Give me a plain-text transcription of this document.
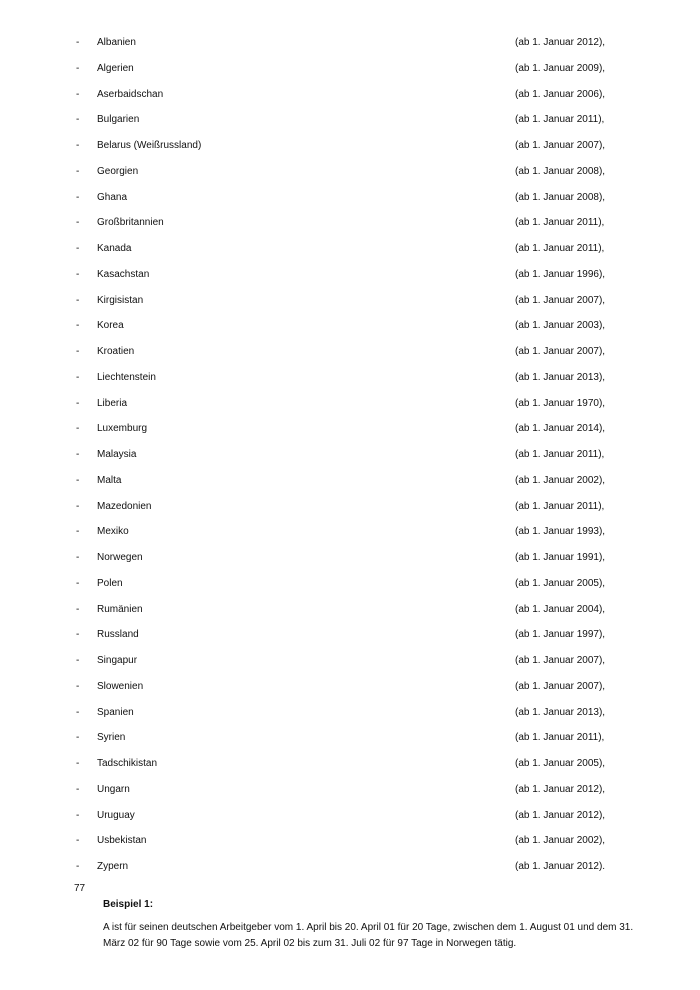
- Albanien	(ab 1. Januar 2012),
- Algerien	(ab 1. Januar 2009),
- Aserbaidschan	(ab 1. Januar 2006),
- Bulgarien	(ab 1. Januar 2011),
- Belarus (Weißrussland)	(ab 1. Januar 2007),
- Georgien	(ab 1. Januar 2008),
- Ghana	(ab 1. Januar 2008),
- Großbritannien	(ab 1. Januar 2011),
- Kanada	(ab 1. Januar 2011),
- Kasachstan	(ab 1. Januar 1996),
- Kirgisistan	(ab 1. Januar 2007),
- Korea	(ab 1. Januar 2003),
- Kroatien	(ab 1. Januar 2007),
- Liechtenstein	(ab 1. Januar 2013),
- Liberia	(ab 1. Januar 1970),
- Luxemburg	(ab 1. Januar 2014),
- Malaysia	(ab 1. Januar 2011),
- Malta	(ab 1. Januar 2002),
- Mazedonien	(ab 1. Januar 2011),
- Mexiko	(ab 1. Januar 1993),
- Norwegen	(ab 1. Januar 1991),
- Polen	(ab 1. Januar 2005),
- Rumänien	(ab 1. Januar 2004),
- Russland	(ab 1. Januar 1997),
- Singapur	(ab 1. Januar 2007),
- Slowenien	(ab 1. Januar 2007),
- Spanien	(ab 1. Januar 2013),
- Syrien	(ab 1. Januar 2011),
- Tadschikistan	(ab 1. Januar 2005),
- Ungarn	(ab 1. Januar 2012),
- Uruguay	(ab 1. Januar 2012),
- Usbekistan	(ab 1. Januar 2002),
- Zypern	(ab 1. Januar 2012).
77

Beispiel 1:

A ist für seinen deutschen Arbeitgeber vom 1. April bis 20. April 01 für 20 Tage, zwischen dem 1. August 01 und dem 31. März 02 für 90 Tage sowie vom 25. April 02 bis zum 31. Juli 02 für 97 Tage in Norwegen tätig.
